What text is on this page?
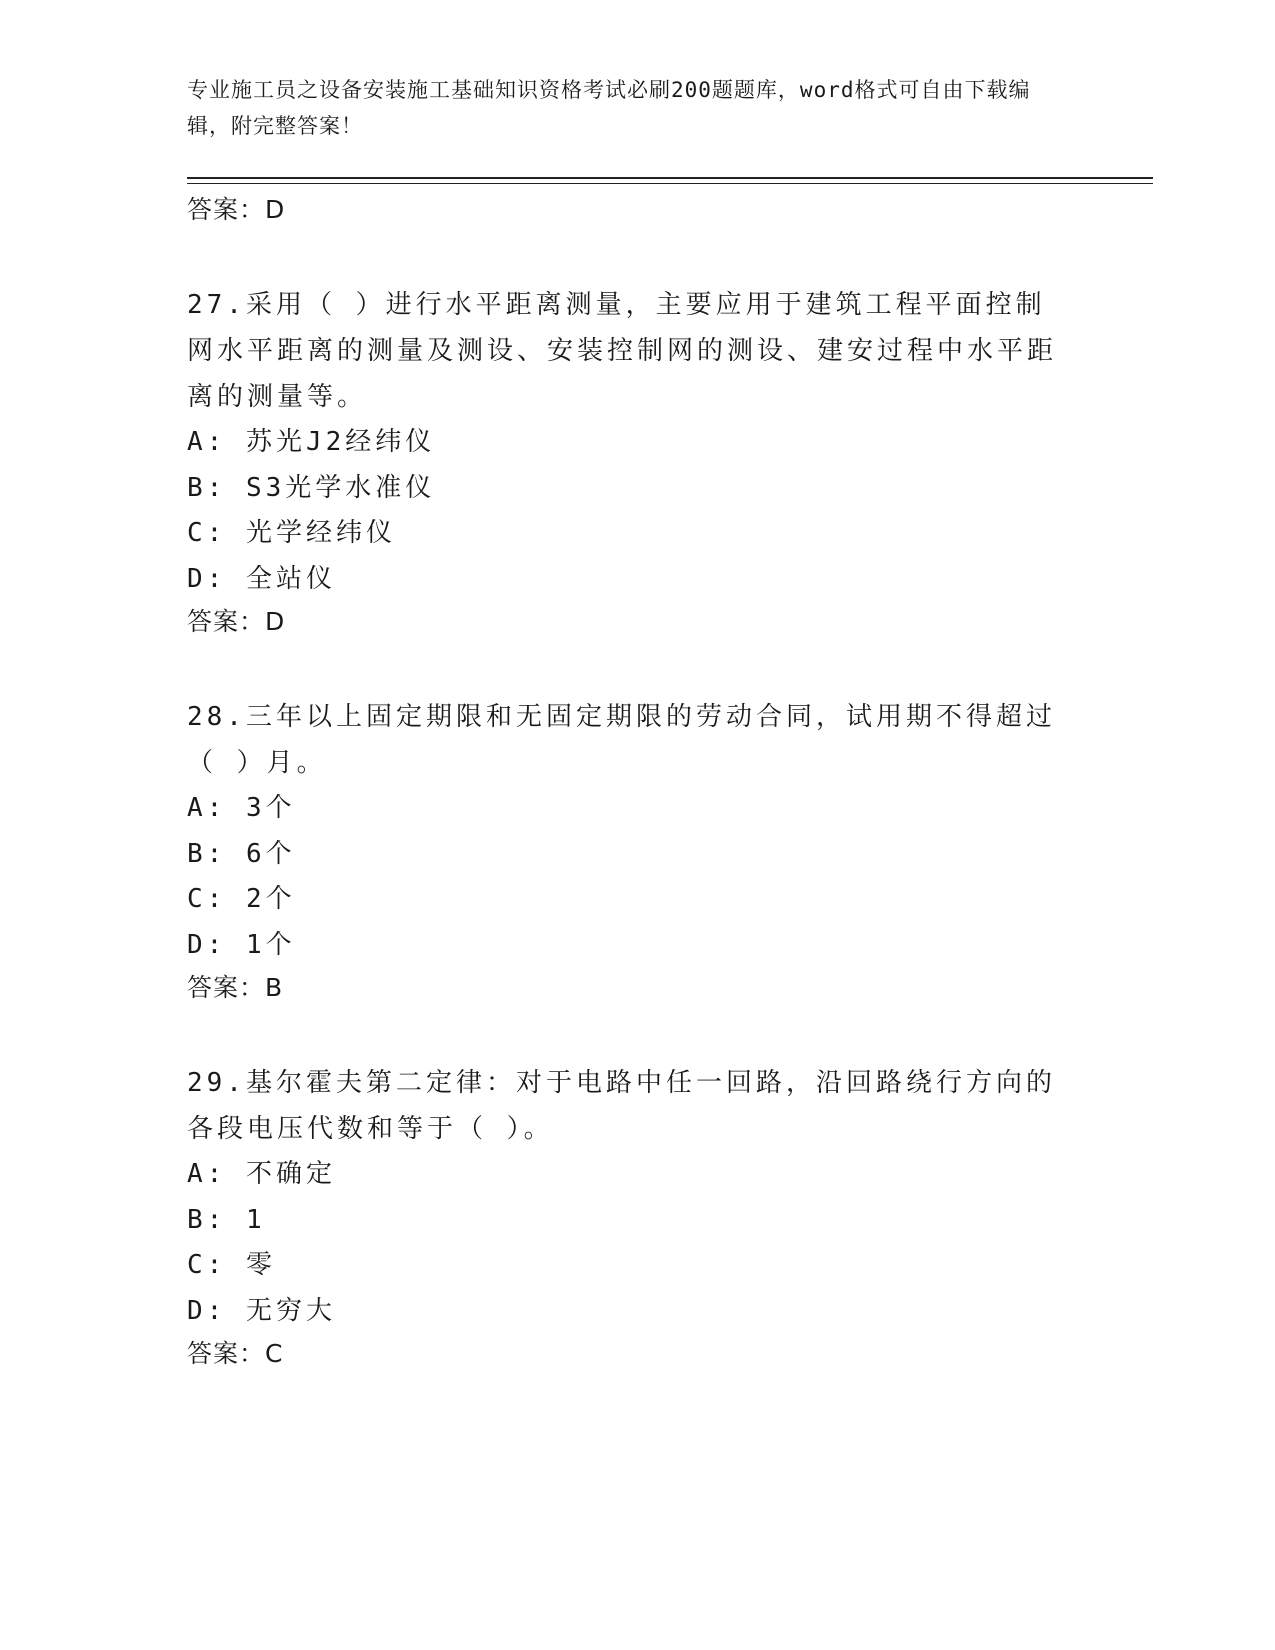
专业施工员之设备安装施工基础知识资格考试必刷200题题库，word格式可自由下载编辑，附完整答案！

答案：D

27.采用（ ）进行水平距离测量，主要应用于建筑工程平面控制网水平距离的测量及测设、安装控制网的测设、建安过程中水平距离的测量等。

A: 苏光J2经纬仪

B: S3光学水准仪

C: 光学经纬仪

D: 全站仪

答案：D

28.三年以上固定期限和无固定期限的劳动合同，试用期不得超过（ ）月。

A: 3个

B: 6个

C: 2个

D: 1个

答案：B

29.基尔霍夫第二定律：对于电路中任一回路，沿回路绕行方向的各段电压代数和等于（ ）。

A: 不确定

B: 1

C: 零

D: 无穷大

答案：C
